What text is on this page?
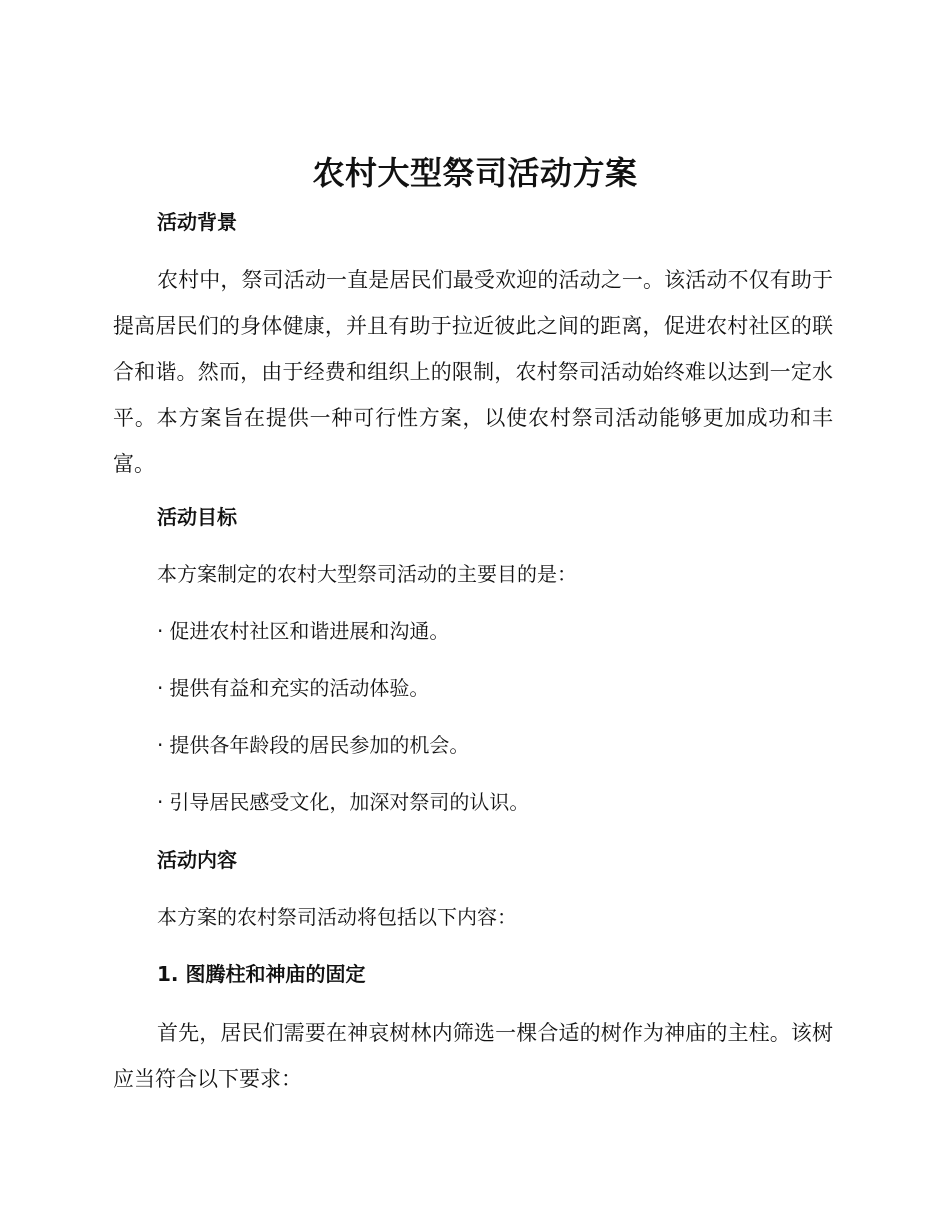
农村大型祭司活动方案
活动背景

农村中，祭司活动一直是居民们最受欢迎的活动之一。该活动不仅有助于提高居民们的身体健康，并且有助于拉近彼此之间的距离，促进农村社区的联合和谐。然而，由于经费和组织上的限制，农村祭司活动始终难以达到一定水平。本方案旨在提供一种可行性方案，以使农村祭司活动能够更加成功和丰富。

活动目标
本方案制定的农村大型祭司活动的主要目的是：
· 促进农村社区和谐进展和沟通。
· 提供有益和充实的活动体验。
· 提供各年龄段的居民参加的机会。
· 引导居民感受文化，加深对祭司的认识。
活动内容
本方案的农村祭司活动将包括以下内容：
1. 图腾柱和神庙的固定

首先，居民们需要在神哀树林内筛选一棵合适的树作为神庙的主柱。该树应当符合以下要求：
